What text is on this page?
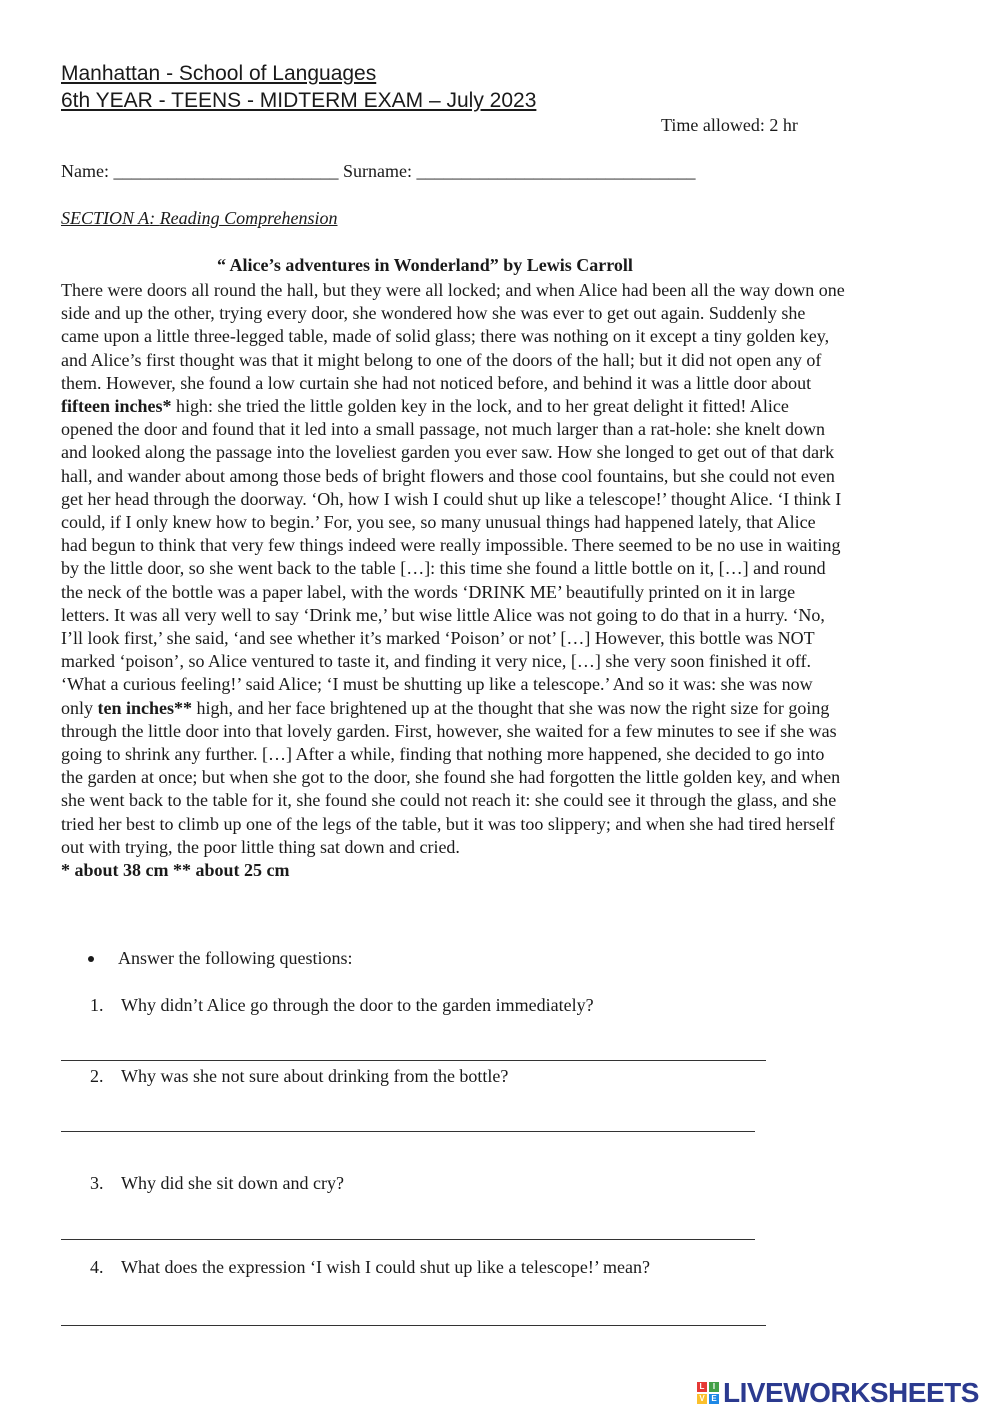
Manhattan - School of Languages

6th YEAR - TEENS - MIDTERM EXAM – July 2023

Time allowed: 2 hr
Name: _________________________ Surname: _______________________________
SECTION A: Reading Comprehension
“ Alice’s adventures in Wonderland” by Lewis Carroll

There were doors all round the hall, but they were all locked; and when Alice had been all the way down one

side and up the other, trying every door, she wondered how she was ever to get out again. Suddenly she

came upon a little three-legged table, made of solid glass; there was nothing on it except a tiny golden key,

and Alice’s first thought was that it might belong to one of the doors of the hall; but it did not open any of

them. However, she found a low curtain she had not noticed before, and behind it was a little door about

fifteen inches* high: she tried the little golden key in the lock, and to her great delight it fitted! Alice

opened the door and found that it led into a small passage, not much larger than a rat-hole: she knelt down

and looked along the passage into the loveliest garden you ever saw. How she longed to get out of that dark

hall, and wander about among those beds of bright flowers and those cool fountains, but she could not even

get her head through the doorway. ‘Oh, how I wish I could shut up like a telescope!’ thought Alice. ‘I think I

could, if I only knew how to begin.’ For, you see, so many unusual things had happened lately, that Alice

had begun to think that very few things indeed were really impossible. There seemed to be no use in waiting

by the little door, so she went back to the table […]: this time she found a little bottle on it, […] and round

the neck of the bottle was a paper label, with the words ‘DRINK ME’ beautifully printed on it in large

letters. It was all very well to say ‘Drink me,’ but wise little Alice was not going to do that in a hurry. ‘No,

I’ll look first,’ she said, ‘and see whether it’s marked ‘Poison’ or not’ […] However, this bottle was NOT

marked ‘poison’, so Alice ventured to taste it, and finding it very nice, […] she very soon finished it off.

‘What a curious feeling!’ said Alice; ‘I must be shutting up like a telescope.’ And so it was: she was now

only ten inches** high, and her face brightened up at the thought that she was now the right size for going

through the little door into that lovely garden. First, however, she waited for a few minutes to see if she was

going to shrink any further. […] After a while, finding that nothing more happened, she decided to go into

the garden at once; but when she got to the door, she found she had forgotten the little golden key, and when

she went back to the table for it, she found she could not reach it: she could see it through the glass, and she

tried her best to climb up one of the legs of the table, but it was too slippery; and when she had tired herself

out with trying, the poor little thing sat down and cried.

* about 38 cm ** about 25 cm

Answer the following questions:
1. Why didn’t Alice go through the door to the garden immediately?
2. Why was she not sure about drinking from the bottle?
3. Why did she sit down and cry?
4. What does the expression ‘I wish I could shut up like a telescope!’ mean?
L	I
V E LIVEWORKSHEETS
